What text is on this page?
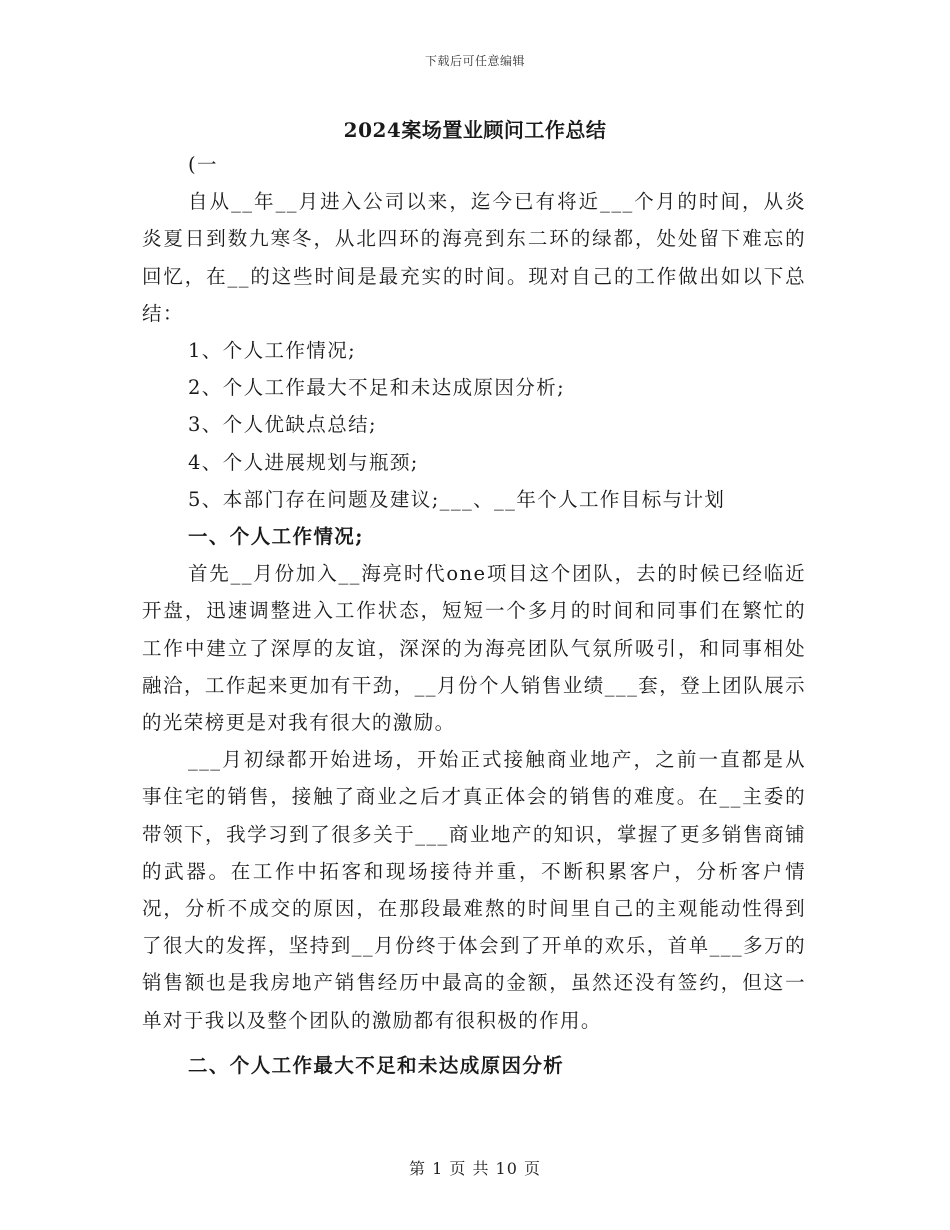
下载后可任意编辑
2024案场置业顾问工作总结

(一

自从__年__月进入公司以来，迄今已有将近___个月的时间，从炎炎夏日到数九寒冬，从北四环的海亮到东二环的绿都，处处留下难忘的回忆，在__的这些时间是最充实的时间。现对自己的工作做出如以下总结：

1、个人工作情况;

2、个人工作最大不足和未达成原因分析;

3、个人优缺点总结;

4、个人进展规划与瓶颈;

5、本部门存在问题及建议;___、__年个人工作目标与计划

一、个人工作情况;

首先__月份加入__海亮时代one项目这个团队，去的时候已经临近开盘，迅速调整进入工作状态，短短一个多月的时间和同事们在繁忙的工作中建立了深厚的友谊，深深的为海亮团队气氛所吸引，和同事相处融洽，工作起来更加有干劲，__月份个人销售业绩___套，登上团队展示的光荣榜更是对我有很大的激励。

___月初绿都开始进场，开始正式接触商业地产，之前一直都是从事住宅的销售，接触了商业之后才真正体会的销售的难度。在__主委的带领下，我学习到了很多关于___商业地产的知识，掌握了更多销售商铺的武器。在工作中拓客和现场接待并重，不断积累客户，分析客户情况，分析不成交的原因，在那段最难熬的时间里自己的主观能动性得到了很大的发挥，坚持到__月份终于体会到了开单的欢乐，首单___多万的销售额也是我房地产销售经历中最高的金额，虽然还没有签约，但这一单对于我以及整个团队的激励都有很积极的作用。

二、个人工作最大不足和未达成原因分析

第 1 页 共 10 页
